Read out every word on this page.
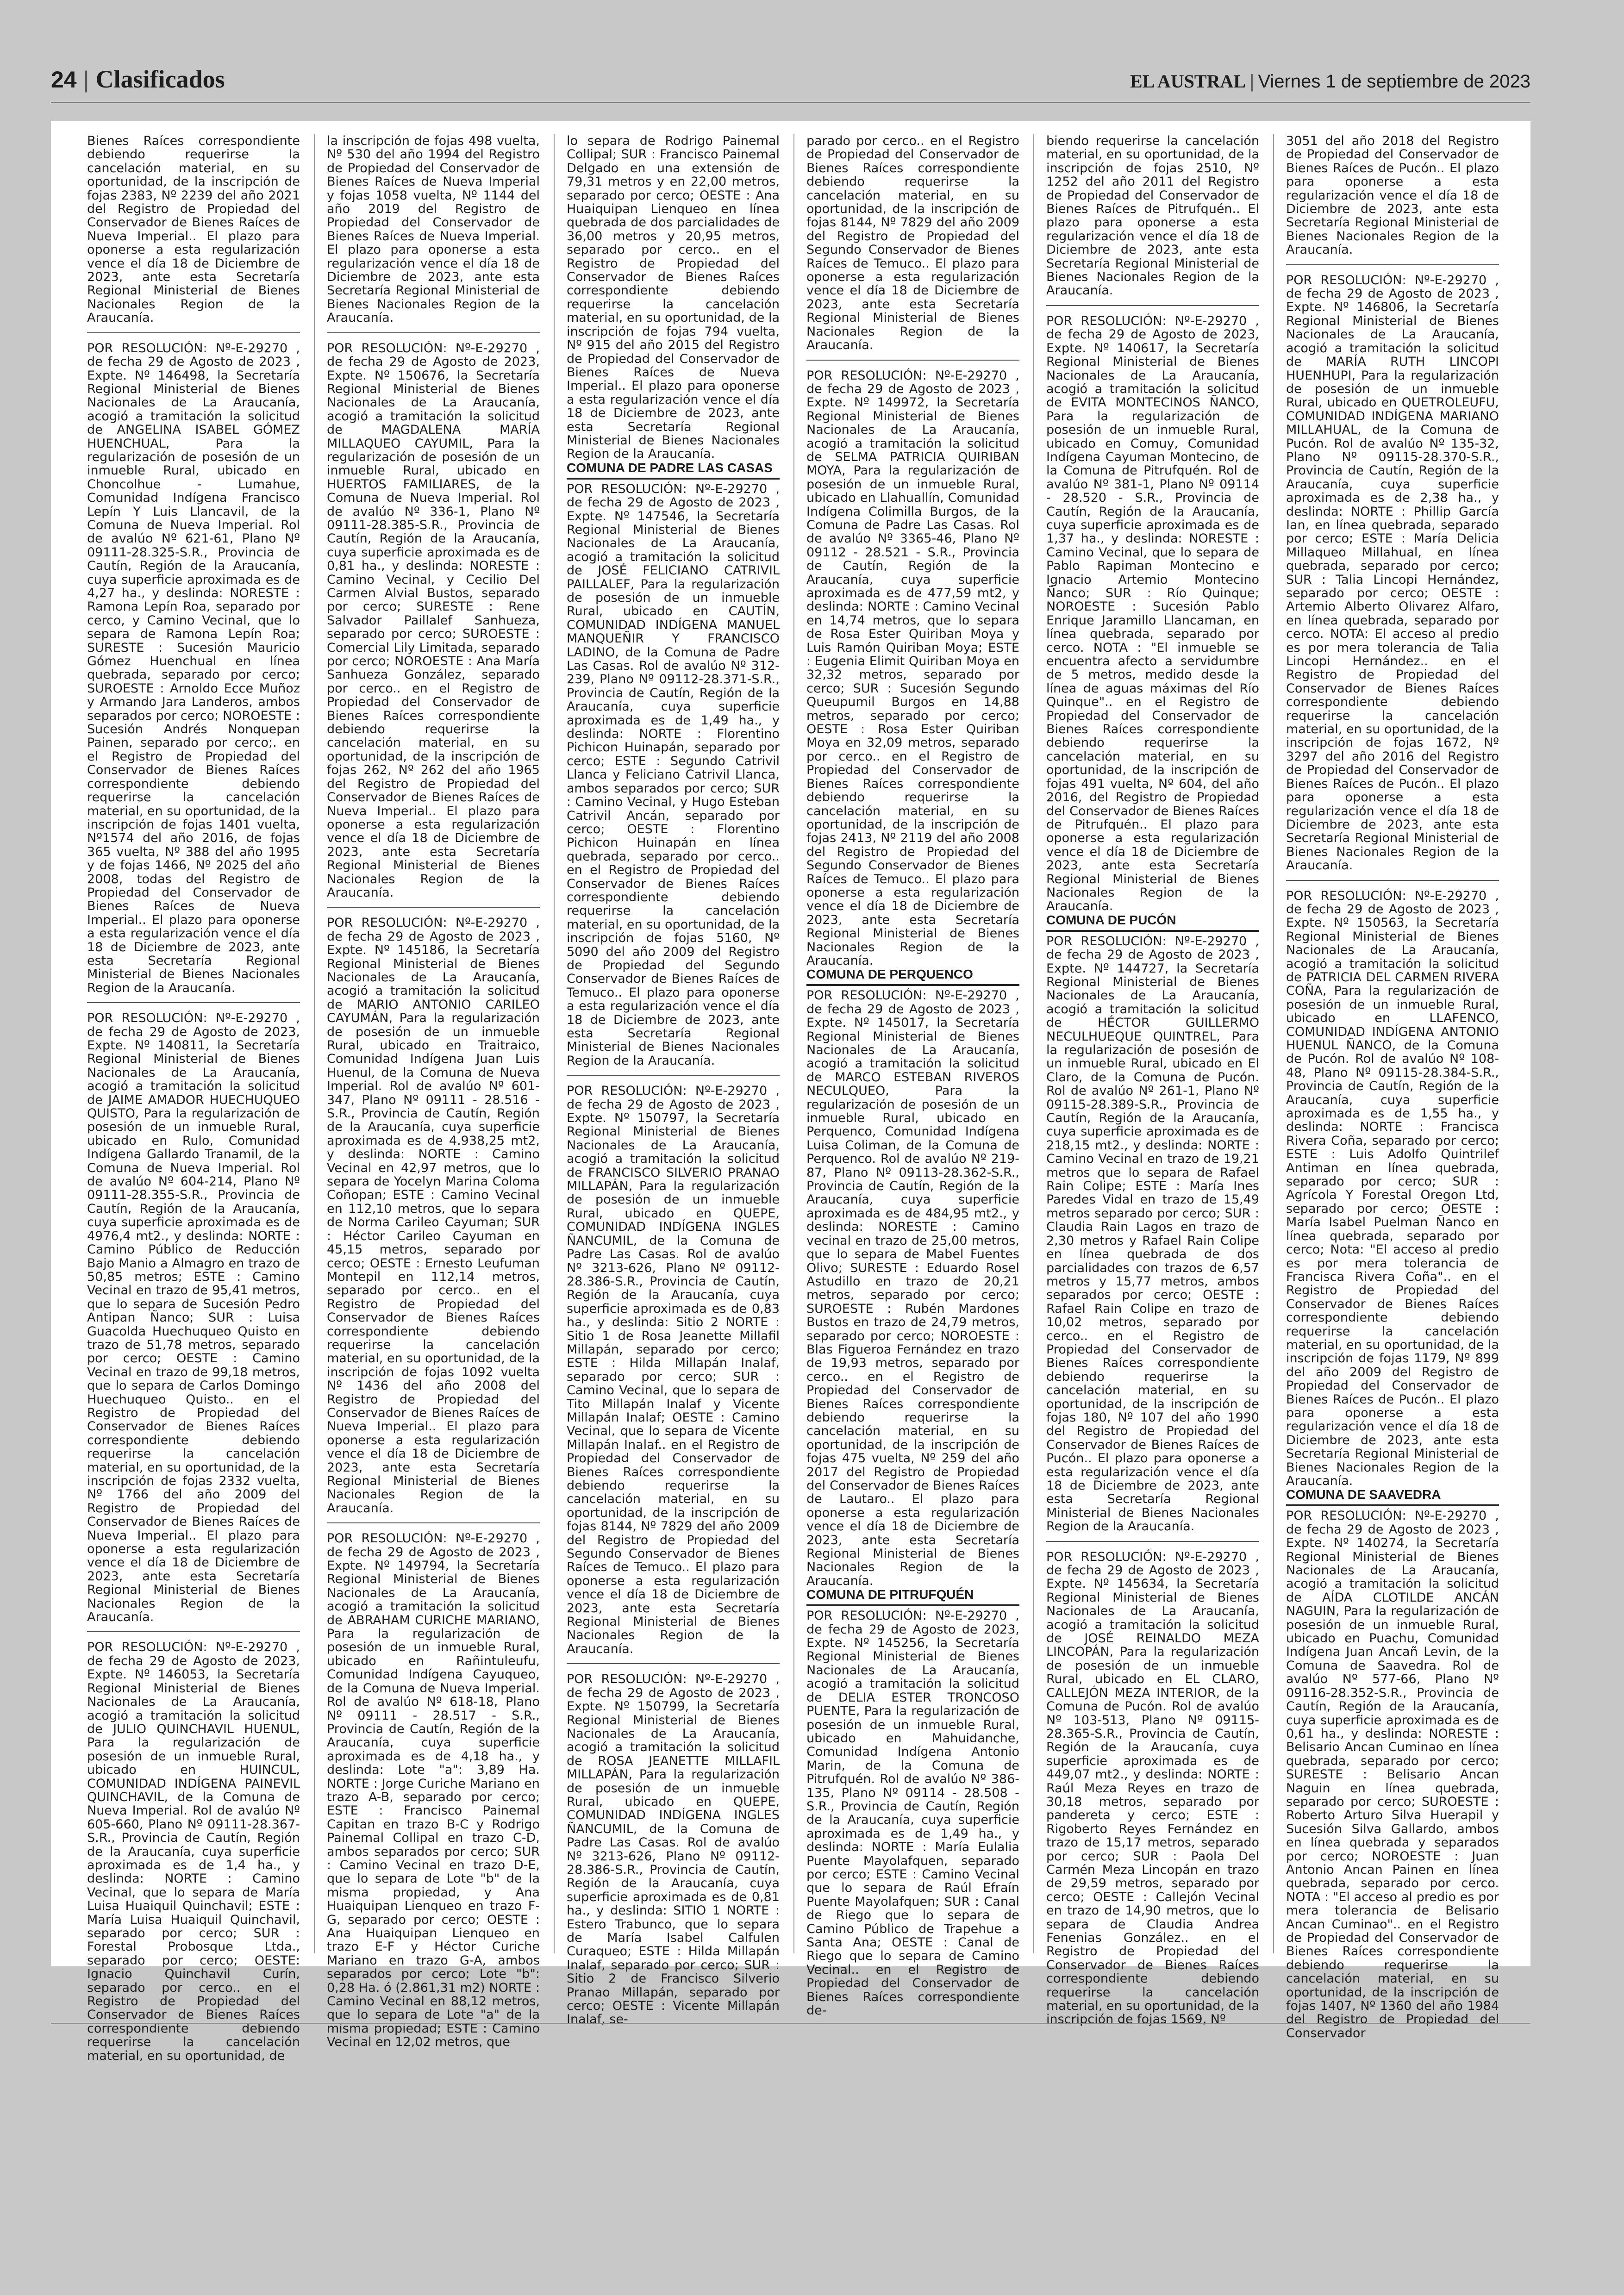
24 | Clasificados	EL AUSTRAL | Viernes 1 de septiembre de 2023

Bienes Raíces correspondiente debiendo requerirse la cancelación material, en su oportunidad, de la inscripción de fojas 2383, Nº 2239 del año 2021 del Registro de Propiedad del Conservador de Bienes Raíces de Nueva Imperial.. El plazo para oponerse a esta regularización vence el día 18 de Diciembre de 2023, ante esta Secretaría Regional Ministerial de Bienes Nacionales Region de la Araucanía.

POR RESOLUCIÓN: Nº-E-29270 , de fecha 29 de Agosto de 2023 , Expte. Nº 146498, la Secretaría Regional Ministerial de Bienes Nacionales de La Araucanía, acogió a tramitación la solicitud de ANGELINA ISABEL GÓMEZ HUENCHUAL, Para la regularización de posesión de un inmueble Rural, ubicado en Choncolhue - Lumahue, Comunidad Indígena Francisco Lepín Y Luis Llancavil, de la Comuna de Nueva Imperial. Rol de avalúo Nº 621-61, Plano Nº 09111-28.325-S.R., Provincia de Cautín, Región de la Araucanía, cuya superficie aproximada es de 4,27 ha., y deslinda: NORESTE : Ramona Lepín Roa, separado por cerco, y Camino Vecinal, que lo separa de Ramona Lepín Roa; SURESTE : Sucesión Mauricio Gómez Huenchual en línea quebrada, separado por cerco; SUROESTE : Arnoldo Ecce Muñoz y Armando Jara Landeros, ambos separados por cerco; NOROESTE : Sucesión Andrés Nonquepan Painen, separado por cerco;. en el Registro de Propiedad del Conservador de Bienes Raíces correspondiente debiendo requerirse la cancelación material, en su oportunidad, de la inscripción de fojas 1401 vuelta, Nº1574 del año 2016, de fojas 365 vuelta, Nº 388 del año 1995 y de fojas 1466, Nº 2025 del año 2008, todas del Registro de Propiedad del Conservador de Bienes Raíces de Nueva Imperial.. El plazo para oponerse a esta regularización vence el día 18 de Diciembre de 2023, ante esta Secretaría Regional Ministerial de Bienes Nacionales Region de la Araucanía.

POR RESOLUCIÓN: Nº-E-29270 , de fecha 29 de Agosto de 2023, Expte. Nº 140811, la Secretaría Regional Ministerial de Bienes Nacionales de La Araucanía, acogió a tramitación la solicitud de JAIME AMADOR HUECHUQUEO QUISTO, Para la regularización de posesión de un inmueble Rural, ubicado en Rulo, Comunidad Indígena Gallardo Tranamil, de la Comuna de Nueva Imperial. Rol de avalúo Nº 604-214, Plano Nº 09111-28.355-S.R., Provincia de Cautín, Región de la Araucanía, cuya superficie aproximada es de 4976,4 mt2., y deslinda: NORTE : Camino Público de Reducción Bajo Manio a Almagro en trazo de 50,85 metros; ESTE : Camino Vecinal en trazo de 95,41 metros, que lo separa de Sucesión Pedro Antipan Ñanco; SUR : Luisa Guacolda Huechuqueo Quisto en trazo de 51,78 metros, separado por cerco; OESTE : Camino Vecinal en trazo de 99,18 metros, que lo separa de Carlos Domingo Huechuqueo Quisto.. en el Registro de Propiedad del Conservador de Bienes Raíces correspondiente debiendo requerirse la cancelación material, en su oportunidad, de la inscripción de fojas 2332 vuelta, Nº 1766 del año 2009 del Registro de Propiedad del Conservador de Bienes Raíces de Nueva Imperial.. El plazo para oponerse a esta regularización vence el día 18 de Diciembre de 2023, ante esta Secretaría Regional Ministerial de Bienes Nacionales Region de la Araucanía.

POR RESOLUCIÓN: Nº-E-29270 , de fecha 29 de Agosto de 2023, Expte. Nº 146053, la Secretaría Regional Ministerial de Bienes Nacionales de La Araucanía, acogió a tramitación la solicitud de JULIO QUINCHAVIL HUENUL, Para la regularización de posesión de un inmueble Rural, ubicado en HUINCUL, COMUNIDAD INDÍGENA PAINEVIL QUINCHAVIL, de la Comuna de Nueva Imperial. Rol de avalúo Nº 605-660, Plano Nº 09111-28.367-S.R., Provincia de Cautín, Región de la Araucanía, cuya superficie aproximada es de 1,4 ha., y deslinda: NORTE : Camino Vecinal, que lo separa de María Luisa Huaiquil Quinchavil; ESTE : María Luisa Huaiquil Quinchavil, separado por cerco; SUR : Forestal Probosque Ltda., separado por cerco; OESTE: Ignacio Quinchavil Curín, separado por cerco.. en el Registro de Propiedad del Conservador de Bienes Raíces correspondiente debiendo requerirse la cancelación material, en su oportunidad, de

la inscripción de fojas 498 vuelta, Nº 530 del año 1994 del Registro de Propiedad del Conservador de Bienes Raíces de Nueva Imperial y fojas 1058 vuelta, Nº 1144 del año 2019 del Registro de Propiedad del Conservador de Bienes Raíces de Nueva Imperial. El plazo para oponerse a esta regularización vence el día 18 de Diciembre de 2023, ante esta Secretaría Regional Ministerial de Bienes Nacionales Region de la Araucanía.

POR RESOLUCIÓN: Nº-E-29270 , de fecha 29 de Agosto de 2023, Expte. Nº 150676, la Secretaría Regional Ministerial de Bienes Nacionales de La Araucanía, acogió a tramitación la solicitud de MAGDALENA MARÍA MILLAQUEO CAYUMIL, Para la regularización de posesión de un inmueble Rural, ubicado en HUERTOS FAMILIARES, de la Comuna de Nueva Imperial. Rol de avalúo Nº 336-1, Plano Nº 09111-28.385-S.R., Provincia de Cautín, Región de la Araucanía, cuya superficie aproximada es de 0,81 ha., y deslinda: NORESTE : Camino Vecinal, y Cecilio Del Carmen Alvial Bustos, separado por cerco; SURESTE : Rene Salvador Paillalef Sanhueza, separado por cerco; SUROESTE : Comercial Lily Limitada, separado por cerco; NOROESTE : Ana María Sanhueza González, separado por cerco.. en el Registro de Propiedad del Conservador de Bienes Raíces correspondiente debiendo requerirse la cancelación material, en su oportunidad, de la inscripción de fojas 262, Nº 262 del año 1965 del Registro de Propiedad del Conservador de Bienes Raíces de Nueva Imperial.. El plazo para oponerse a esta regularización vence el día 18 de Diciembre de 2023, ante esta Secretaría Regional Ministerial de Bienes Nacionales Region de la Araucanía.

POR RESOLUCIÓN: Nº-E-29270 , de fecha 29 de Agosto de 2023 , Expte. Nº 145186, la Secretaría Regional Ministerial de Bienes Nacionales de La Araucanía, acogió a tramitación la solicitud de MARIO ANTONIO CARILEO CAYUMÁN, Para la regularización de posesión de un inmueble Rural, ubicado en Traitraico, Comunidad Indígena Juan Luis Huenul, de la Comuna de Nueva Imperial. Rol de avalúo Nº 601-347, Plano Nº 09111 - 28.516 - S.R., Provincia de Cautín, Región de la Araucanía, cuya superficie aproximada es de 4.938,25 mt2, y deslinda: NORTE : Camino Vecinal en 42,97 metros, que lo separa de Yocelyn Marina Coloma Coñopan; ESTE : Camino Vecinal en 112,10 metros, que lo separa de Norma Carileo Cayuman; SUR : Héctor Carileo Cayuman en 45,15 metros, separado por cerco; OESTE : Ernesto Leufuman Montepil en 112,14 metros, separado por cerco.. en el Registro de Propiedad del Conservador de Bienes Raíces correspondiente debiendo requerirse la cancelación material, en su oportunidad, de la inscripción de fojas 1092 vuelta Nº 1436 del año 2008 del Registro de Propiedad del Conservador de Bienes Raíces de Nueva Imperial.. El plazo para oponerse a esta regularización vence el día 18 de Diciembre de 2023, ante esta Secretaría Regional Ministerial de Bienes Nacionales Region de la Araucanía.

POR RESOLUCIÓN: Nº-E-29270 , de fecha 29 de Agosto de 2023 , Expte. Nº 149794, la Secretaría Regional Ministerial de Bienes Nacionales de La Araucanía, acogió a tramitación la solicitud de ABRAHAM CURICHE MARIANO, Para la regularización de posesión de un inmueble Rural, ubicado en Rañintuleufu, Comunidad Indígena Cayuqueo, de la Comuna de Nueva Imperial. Rol de avalúo Nº 618-18, Plano Nº 09111 - 28.517 - S.R., Provincia de Cautín, Región de la Araucanía, cuya superficie aproximada es de 4,18 ha., y deslinda: Lote "a": 3,89 Ha. NORTE : Jorge Curiche Mariano en trazo A-B, separado por cerco; ESTE : Francisco Painemal Capitan en trazo B-C y Rodrigo Painemal Collipal en trazo C-D, ambos separados por cerco; SUR : Camino Vecinal en trazo D-E, que lo separa de Lote "b" de la misma propiedad, y Ana Huaiquipan Lienqueo en trazo F-G, separado por cerco; OESTE : Ana Huaiquipan Lienqueo en trazo E-F y Héctor Curiche Mariano en trazo G-A, ambos separados por cerco; Lote "b": 0,28 Ha. ó (2.861,31 m2) NORTE : Camino Vecinal en 88,12 metros, que lo separa de Lote "a" de la misma propiedad; ESTE : Camino Vecinal en 12,02 metros, que

lo separa de Rodrigo Painemal Collipal; SUR : Francisco Painemal Delgado en una extensión de 79,31 metros y en 22,00 metros, separado por cerco; OESTE : Ana Huaiquipan Lienqueo en línea quebrada de dos parcialidades de 36,00 metros y 20,95 metros, separado por cerco.. en el Registro de Propiedad del Conservador de Bienes Raíces correspondiente debiendo requerirse la cancelación material, en su oportunidad, de la inscripción de fojas 794 vuelta, Nº 915 del año 2015 del Registro de Propiedad del Conservador de Bienes Raíces de Nueva Imperial.. El plazo para oponerse a esta regularización vence el día 18 de Diciembre de 2023, ante esta Secretaría Regional Ministerial de Bienes Nacionales Region de la Araucanía.

COMUNA DE PADRE LAS CASAS

POR RESOLUCIÓN: Nº-E-29270 , de fecha 29 de Agosto de 2023 , Expte. Nº 147546, la Secretaría Regional Ministerial de Bienes Nacionales de La Araucanía, acogió a tramitación la solicitud de JOSÉ FELICIANO CATRIVIL PAILLALEF, Para la regularización de posesión de un inmueble Rural, ubicado en CAUTÍN, COMUNIDAD INDÍGENA MANUEL MANQUEÑIR Y FRANCISCO LADINO, de la Comuna de Padre Las Casas. Rol de avalúo Nº 312-239, Plano Nº 09112-28.371-S.R., Provincia de Cautín, Región de la Araucanía, cuya superficie aproximada es de 1,49 ha., y deslinda: NORTE : Florentino Pichicon Huinapán, separado por cerco; ESTE : Segundo Catrivil Llanca y Feliciano Catrivil Llanca, ambos separados por cerco; SUR : Camino Vecinal, y Hugo Esteban Catrivil Ancán, separado por cerco; OESTE : Florentino Pichicon Huinapán en línea quebrada, separado por cerco.. en el Registro de Propiedad del Conservador de Bienes Raíces correspondiente debiendo requerirse la cancelación material, en su oportunidad, de la inscripción de fojas 5160, Nº 5090 del año 2009 del Registro de Propiedad del Segundo Conservador de Bienes Raíces de Temuco.. El plazo para oponerse a esta regularización vence el día 18 de Diciembre de 2023, ante esta Secretaría Regional Ministerial de Bienes Nacionales Region de la Araucanía.

POR RESOLUCIÓN: Nº-E-29270 , de fecha 29 de Agosto de 2023 , Expte. Nº 150797, la Secretaría Regional Ministerial de Bienes Nacionales de La Araucanía, acogió a tramitación la solicitud de FRANCISCO SILVERIO PRANAO MILLAPÁN, Para la regularización de posesión de un inmueble Rural, ubicado en QUEPE, COMUNIDAD INDÍGENA INGLES ÑANCUMIL, de la Comuna de Padre Las Casas. Rol de avalúo Nº 3213-626, Plano Nº 09112-28.386-S.R., Provincia de Cautín, Región de la Araucanía, cuya superficie aproximada es de 0,83 ha., y deslinda: Sitio 2 NORTE : Sitio 1 de Rosa Jeanette Millafil Millapán, separado por cerco; ESTE : Hilda Millapán Inalaf, separado por cerco; SUR : Camino Vecinal, que lo separa de Tito Millapán Inalaf y Vicente Millapán Inalaf; OESTE : Camino Vecinal, que lo separa de Vicente Millapán Inalaf.. en el Registro de Propiedad del Conservador de Bienes Raíces correspondiente debiendo requerirse la cancelación material, en su oportunidad, de la inscripción de fojas 8144, Nº 7829 del año 2009 del Registro de Propiedad del Segundo Conservador de Bienes Raíces de Temuco.. El plazo para oponerse a esta regularización vence el día 18 de Diciembre de 2023, ante esta Secretaría Regional Ministerial de Bienes Nacionales Region de la Araucanía.

POR RESOLUCIÓN: Nº-E-29270 , de fecha 29 de Agosto de 2023 , Expte. Nº 150799, la Secretaría Regional Ministerial de Bienes Nacionales de La Araucanía, acogió a tramitación la solicitud de ROSA JEANETTE MILLAFIL MILLAPÁN, Para la regularización de posesión de un inmueble Rural, ubicado en QUEPE, COMUNIDAD INDÍGENA INGLES ÑANCUMIL, de la Comuna de Padre Las Casas. Rol de avalúo Nº 3213-626, Plano Nº 09112-28.386-S.R., Provincia de Cautín, Región de la Araucanía, cuya superficie aproximada es de 0,81 ha., y deslinda: SITIO 1 NORTE : Estero Trabunco, que lo separa de María Isabel Calfulen Curaqueo; ESTE : Hilda Millapán Inalaf, separado por cerco; SUR : Sitio 2 de Francisco Silverio Pranao Millapán, separado por cerco; OESTE : Vicente Millapán Inalaf, se-

parado por cerco.. en el Registro de Propiedad del Conservador de Bienes Raíces correspondiente debiendo requerirse la cancelación material, en su oportunidad, de la inscripción de fojas 8144, Nº 7829 del año 2009 del Registro de Propiedad del Segundo Conservador de Bienes Raíces de Temuco.. El plazo para oponerse a esta regularización vence el día 18 de Diciembre de 2023, ante esta Secretaría Regional Ministerial de Bienes Nacionales Region de la Araucanía.

POR RESOLUCIÓN: Nº-E-29270 , de fecha 29 de Agosto de 2023 , Expte. Nº 149972, la Secretaría Regional Ministerial de Bienes Nacionales de La Araucanía, acogió a tramitación la solicitud de SELMA PATRICIA QUIRIBAN MOYA, Para la regularización de posesión de un inmueble Rural, ubicado en Llahuallín, Comunidad Indígena Colimilla Burgos, de la Comuna de Padre Las Casas. Rol de avalúo Nº 3365-46, Plano Nº 09112 - 28.521 - S.R., Provincia de Cautín, Región de la Araucanía, cuya superficie aproximada es de 477,59 mt2, y deslinda: NORTE : Camino Vecinal en 14,74 metros, que lo separa de Rosa Ester Quiriban Moya y Luis Ramón Quiriban Moya; ESTE : Eugenia Elimit Quiriban Moya en 32,32 metros, separado por cerco; SUR : Sucesión Segundo Queupumil Burgos en 14,88 metros, separado por cerco; OESTE : Rosa Ester Quiriban Moya en 32,09 metros, separado por cerco.. en el Registro de Propiedad del Conservador de Bienes Raíces correspondiente debiendo requerirse la cancelación material, en su oportunidad, de la inscripción de fojas 2413, Nº 2119 del año 2008 del Registro de Propiedad del Segundo Conservador de Bienes Raíces de Temuco.. El plazo para oponerse a esta regularización vence el día 18 de Diciembre de 2023, ante esta Secretaría Regional Ministerial de Bienes Nacionales Region de la Araucanía.

COMUNA DE PERQUENCO

POR RESOLUCIÓN: Nº-E-29270 , de fecha 29 de Agosto de 2023 , Expte. Nº 145017, la Secretaría Regional Ministerial de Bienes Nacionales de La Araucanía, acogió a tramitación la solicitud de MARCO ESTEBAN RIVEROS NECULQUEO, Para la regularización de posesión de un inmueble Rural, ubicado en Perquenco, Comunidad Indígena Luisa Coliman, de la Comuna de Perquenco. Rol de avalúo Nº 219-87, Plano Nº 09113-28.362-S.R., Provincia de Cautín, Región de la Araucanía, cuya superficie aproximada es de 484,95 mt2., y deslinda: NORESTE : Camino vecinal en trazo de 25,00 metros, que lo separa de Mabel Fuentes Olivo; SURESTE : Eduardo Rosel Astudillo en trazo de 20,21 metros, separado por cerco; SUROESTE : Rubén Mardones Bustos en trazo de 24,79 metros, separado por cerco; NOROESTE : Blas Figueroa Fernández en trazo de 19,93 metros, separado por cerco.. en el Registro de Propiedad del Conservador de Bienes Raíces correspondiente debiendo requerirse la cancelación material, en su oportunidad, de la inscripción de fojas 475 vuelta, Nº 259 del año 2017 del Registro de Propiedad del Conservador de Bienes Raíces de Lautaro.. El plazo para oponerse a esta regularización vence el día 18 de Diciembre de 2023, ante esta Secretaría Regional Ministerial de Bienes Nacionales Region de la Araucanía.

COMUNA DE PITRUFQUÉN

POR RESOLUCIÓN: Nº-E-29270 , de fecha 29 de Agosto de 2023, Expte. Nº 145256, la Secretaría Regional Ministerial de Bienes Nacionales de La Araucanía, acogió a tramitación la solicitud de DELIA ESTER TRONCOSO PUENTE, Para la regularización de posesión de un inmueble Rural, ubicado en Mahuidanche, Comunidad Indígena Antonio Marin, de la Comuna de Pitrufquén. Rol de avalúo Nº 386-135, Plano Nº 09114 - 28.508 - S.R., Provincia de Cautín, Región de la Araucanía, cuya superficie aproximada es de 1,49 ha., y deslinda: NORTE : María Eulalia Puente Mayolafquen, separado por cerco; ESTE : Camino Vecinal que lo separa de Raúl Efraín Puente Mayolafquen; SUR : Canal de Riego que lo separa de Camino Público de Trapehue a Santa Ana; OESTE : Canal de Riego que lo separa de Camino Vecinal.. en el Registro de Propiedad del Conservador de Bienes Raíces correspondiente de-

biendo requerirse la cancelación material, en su oportunidad, de la inscripción de fojas 2510, Nº 1252 del año 2011 del Registro de Propiedad del Conservador de Bienes Raíces de Pitrufquén.. El plazo para oponerse a esta regularización vence el día 18 de Diciembre de 2023, ante esta Secretaría Regional Ministerial de Bienes Nacionales Region de la Araucanía.

POR RESOLUCIÓN: Nº-E-29270 , de fecha 29 de Agosto de 2023, Expte. Nº 140617, la Secretaría Regional Ministerial de Bienes Nacionales de La Araucanía, acogió a tramitación la solicitud de EVITA MONTECINOS ÑANCO, Para la regularización de posesión de un inmueble Rural, ubicado en Comuy, Comunidad Indígena Cayuman Montecino, de la Comuna de Pitrufquén. Rol de avalúo Nº 381-1, Plano Nº 09114 - 28.520 - S.R., Provincia de Cautín, Región de la Araucanía, cuya superficie aproximada es de 1,37 ha., y deslinda: NORESTE : Camino Vecinal, que lo separa de Pablo Rapiman Montecino e Ignacio Artemio Montecino Ñanco; SUR : Río Quinque; NOROESTE : Sucesión Pablo Enrique Jaramillo Llancaman, en línea quebrada, separado por cerco. NOTA : "El inmueble se encuentra afecto a servidumbre de 5 metros, medido desde la línea de aguas máximas del Río Quinque".. en el Registro de Propiedad del Conservador de Bienes Raíces correspondiente debiendo requerirse la cancelación material, en su oportunidad, de la inscripción de fojas 491 vuelta, Nº 604, del año 2016, del Registro de Propiedad del Conservador de Bienes Raíces de Pitrufquén.. El plazo para oponerse a esta regularización vence el día 18 de Diciembre de 2023, ante esta Secretaría Regional Ministerial de Bienes Nacionales Region de la Araucanía.

COMUNA DE PUCÓN

POR RESOLUCIÓN: Nº-E-29270 , de fecha 29 de Agosto de 2023 , Expte. Nº 144727, la Secretaría Regional Ministerial de Bienes Nacionales de La Araucanía, acogió a tramitación la solicitud de HÉCTOR GUILLERMO NECULHUEQUE QUINTREL, Para la regularización de posesión de un inmueble Rural, ubicado en El Claro, de la Comuna de Pucón. Rol de avalúo Nº 261-1, Plano Nº 09115-28.389-S.R., Provincia de Cautín, Región de la Araucanía, cuya superficie aproximada es de 218,15 mt2., y deslinda: NORTE : Camino Vecinal en trazo de 19,21 metros que lo separa de Rafael Rain Colipe; ESTE : María Ines Paredes Vidal en trazo de 15,49 metros separado por cerco; SUR : Claudia Rain Lagos en trazo de 2,30 metros y Rafael Rain Colipe en línea quebrada de dos parcialidades con trazos de 6,57 metros y 15,77 metros, ambos separados por cerco; OESTE : Rafael Rain Colipe en trazo de 10,02 metros, separado por cerco.. en el Registro de Propiedad del Conservador de Bienes Raíces correspondiente debiendo requerirse la cancelación material, en su oportunidad, de la inscripción de fojas 180, Nº 107 del año 1990 del Registro de Propiedad del Conservador de Bienes Raíces de Pucón.. El plazo para oponerse a esta regularización vence el día 18 de Diciembre de 2023, ante esta Secretaría Regional Ministerial de Bienes Nacionales Region de la Araucanía.

POR RESOLUCIÓN: Nº-E-29270 , de fecha 29 de Agosto de 2023 , Expte. Nº 145634, la Secretaría Regional Ministerial de Bienes Nacionales de La Araucanía, acogió a tramitación la solicitud de JOSÉ REINALDO MEZA LINCOPÁN, Para la regularización de posesión de un inmueble Rural, ubicado en EL CLARO, CALLEJÓN MEZA INTERIOR, de la Comuna de Pucón. Rol de avalúo Nº 103-513, Plano Nº 09115-28.365-S.R., Provincia de Cautín, Región de la Araucanía, cuya superficie aproximada es de 449,07 mt2., y deslinda: NORTE : Raúl Meza Reyes en trazo de 30,18 metros, separado por pandereta y cerco; ESTE : Rigoberto Reyes Fernández en trazo de 15,17 metros, separado por cerco; SUR : Paola Del Carmén Meza Lincopán en trazo de 29,59 metros, separado por cerco; OESTE : Callejón Vecinal en trazo de 14,90 metros, que lo separa de Claudia Andrea Fenenias González.. en el Registro de Propiedad del Conservador de Bienes Raíces correspondiente debiendo requerirse la cancelación material, en su oportunidad, de la inscripción de fojas 1569, Nº

3051 del año 2018 del Registro de Propiedad del Conservador de Bienes Raíces de Pucón.. El plazo para oponerse a esta regularización vence el día 18 de Diciembre de 2023, ante esta Secretaría Regional Ministerial de Bienes Nacionales Region de la Araucanía.

POR RESOLUCIÓN: Nº-E-29270 , de fecha 29 de Agosto de 2023 , Expte. Nº 146806, la Secretaría Regional Ministerial de Bienes Nacionales de La Araucanía, acogió a tramitación la solicitud de MARÍA RUTH LINCOPI HUENHUPI, Para la regularización de posesión de un inmueble Rural, ubicado en QUETROLEUFU, COMUNIDAD INDÍGENA MARIANO MILLAHUAL, de la Comuna de Pucón. Rol de avalúo Nº 135-32, Plano Nº 09115-28.370-S.R., Provincia de Cautín, Región de la Araucanía, cuya superficie aproximada es de 2,38 ha., y deslinda: NORTE : Phillip García Ian, en línea quebrada, separado por cerco; ESTE : María Delicia Millaqueo Millahual, en línea quebrada, separado por cerco; SUR : Talia Lincopi Hernández, separado por cerco; OESTE : Artemio Alberto Olivarez Alfaro, en línea quebrada, separado por cerco. NOTA: El acceso al predio es por mera tolerancia de Talia Lincopi Hernández.. en el Registro de Propiedad del Conservador de Bienes Raíces correspondiente debiendo requerirse la cancelación material, en su oportunidad, de la inscripción de fojas 1672, Nº 3297 del año 2016 del Registro de Propiedad del Conservador de Bienes Raíces de Pucón.. El plazo para oponerse a esta regularización vence el día 18 de Diciembre de 2023, ante esta Secretaría Regional Ministerial de Bienes Nacionales Region de la Araucanía.

POR RESOLUCIÓN: Nº-E-29270 , de fecha 29 de Agosto de 2023 , Expte. Nº 150563, la Secretaría Regional Ministerial de Bienes Nacionales de La Araucanía, acogió a tramitación la solicitud de PATRICIA DEL CARMEN RIVERA COÑA, Para la regularización de posesión de un inmueble Rural, ubicado en LLAFENCO, COMUNIDAD INDÍGENA ANTONIO HUENUL ÑANCO, de la Comuna de Pucón. Rol de avalúo Nº 108-48, Plano Nº 09115-28.384-S.R., Provincia de Cautín, Región de la Araucanía, cuya superficie aproximada es de 1,55 ha., y deslinda: NORTE : Francisca Rivera Coña, separado por cerco; ESTE : Luis Adolfo Quintrilef Antiman en línea quebrada, separado por cerco; SUR : Agrícola Y Forestal Oregon Ltd, separado por cerco; OESTE : María Isabel Puelman Ñanco en línea quebrada, separado por cerco; Nota: "El acceso al predio es por mera tolerancia de Francisca Rivera Coña".. en el Registro de Propiedad del Conservador de Bienes Raíces correspondiente debiendo requerirse la cancelación material, en su oportunidad, de la inscripción de fojas 1179, Nº 899 del año 2009 del Registro de Propiedad del Conservador de Bienes Raíces de Pucón.. El plazo para oponerse a esta regularización vence el día 18 de Diciembre de 2023, ante esta Secretaría Regional Ministerial de Bienes Nacionales Region de la Araucanía.

COMUNA DE SAAVEDRA

POR RESOLUCIÓN: Nº-E-29270 , de fecha 29 de Agosto de 2023 , Expte. Nº 140274, la Secretaría Regional Ministerial de Bienes Nacionales de La Araucanía, acogió a tramitación la solicitud de AÍDA CLOTILDE ANCÁN NAGUIN, Para la regularización de posesión de un inmueble Rural, ubicado en Puachu, Comunidad Indígena Juan Ancañ Levin, de la Comuna de Saavedra. Rol de avalúo Nº 577-66, Plano Nº 09116-28.352-S.R., Provincia de Cautín, Región de la Araucanía, cuya superficie aproximada es de 0,61 ha., y deslinda: NORESTE : Belisario Ancan Cuminao en línea quebrada, separado por cerco; SURESTE : Belisario Ancan Naguin en línea quebrada, separado por cerco; SUROESTE : Roberto Arturo Silva Huerapil y Sucesión Silva Gallardo, ambos en línea quebrada y separados por cerco; NOROESTE : Juan Antonio Ancan Painen en línea quebrada, separado por cerco. NOTA : "El acceso al predio es por mera tolerancia de Belisario Ancan Cuminao".. en el Registro de Propiedad del Conservador de Bienes Raíces correspondiente debiendo requerirse la cancelación material, en su oportunidad, de la inscripción de fojas 1407, Nº 1360 del año 1984 del Registro de Propiedad del Conservador
